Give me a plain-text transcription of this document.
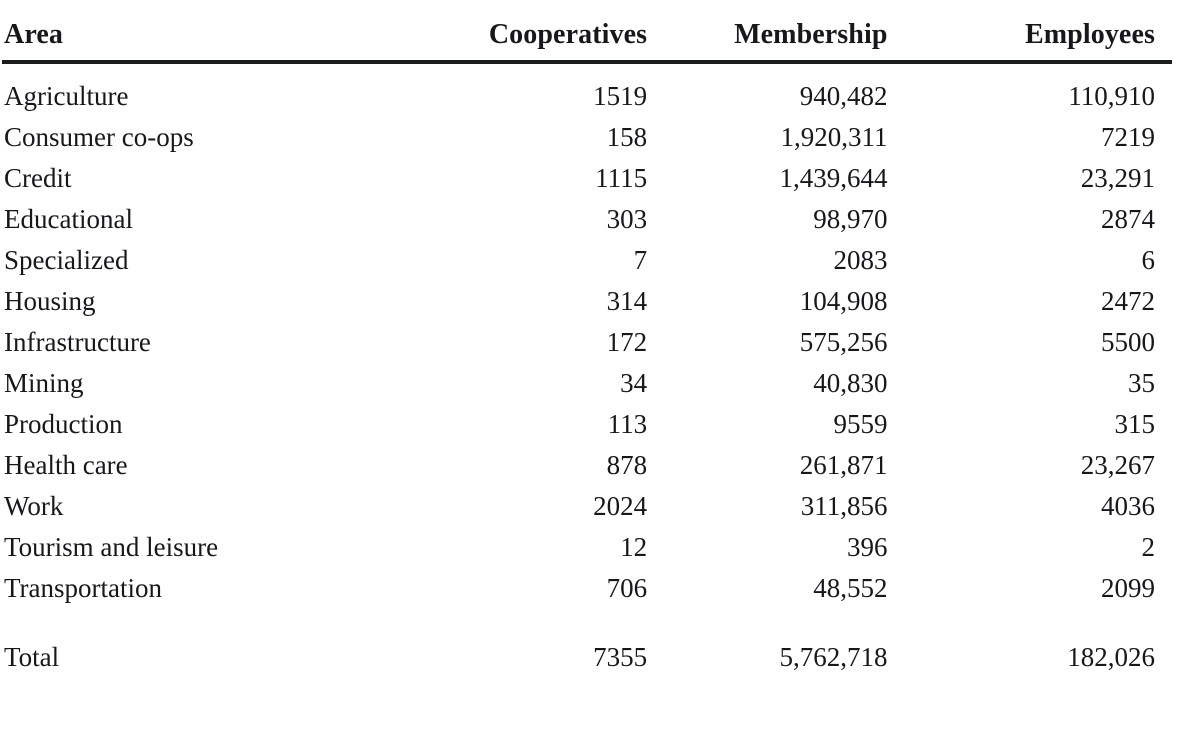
Area	Cooperatives	Membership	Employees

Agriculture	1519	940,482	110,910
Consumer co-ops	158	1,920,311	7219
Credit	1115	1,439,644	23,291
Educational	303	98,970	2874
Specialized	7	2083	6
Housing	314	104,908	2472
Infrastructure	172	575,256	5500
Mining	34	40,830	35
Production	113	9559	315
Health care	878	261,871	23,267
Work	2024	311,856	4036
Tourism and leisure	12	396	2
Transportation	706	48,552	2099
Total	7355	5,762,718	182,026
